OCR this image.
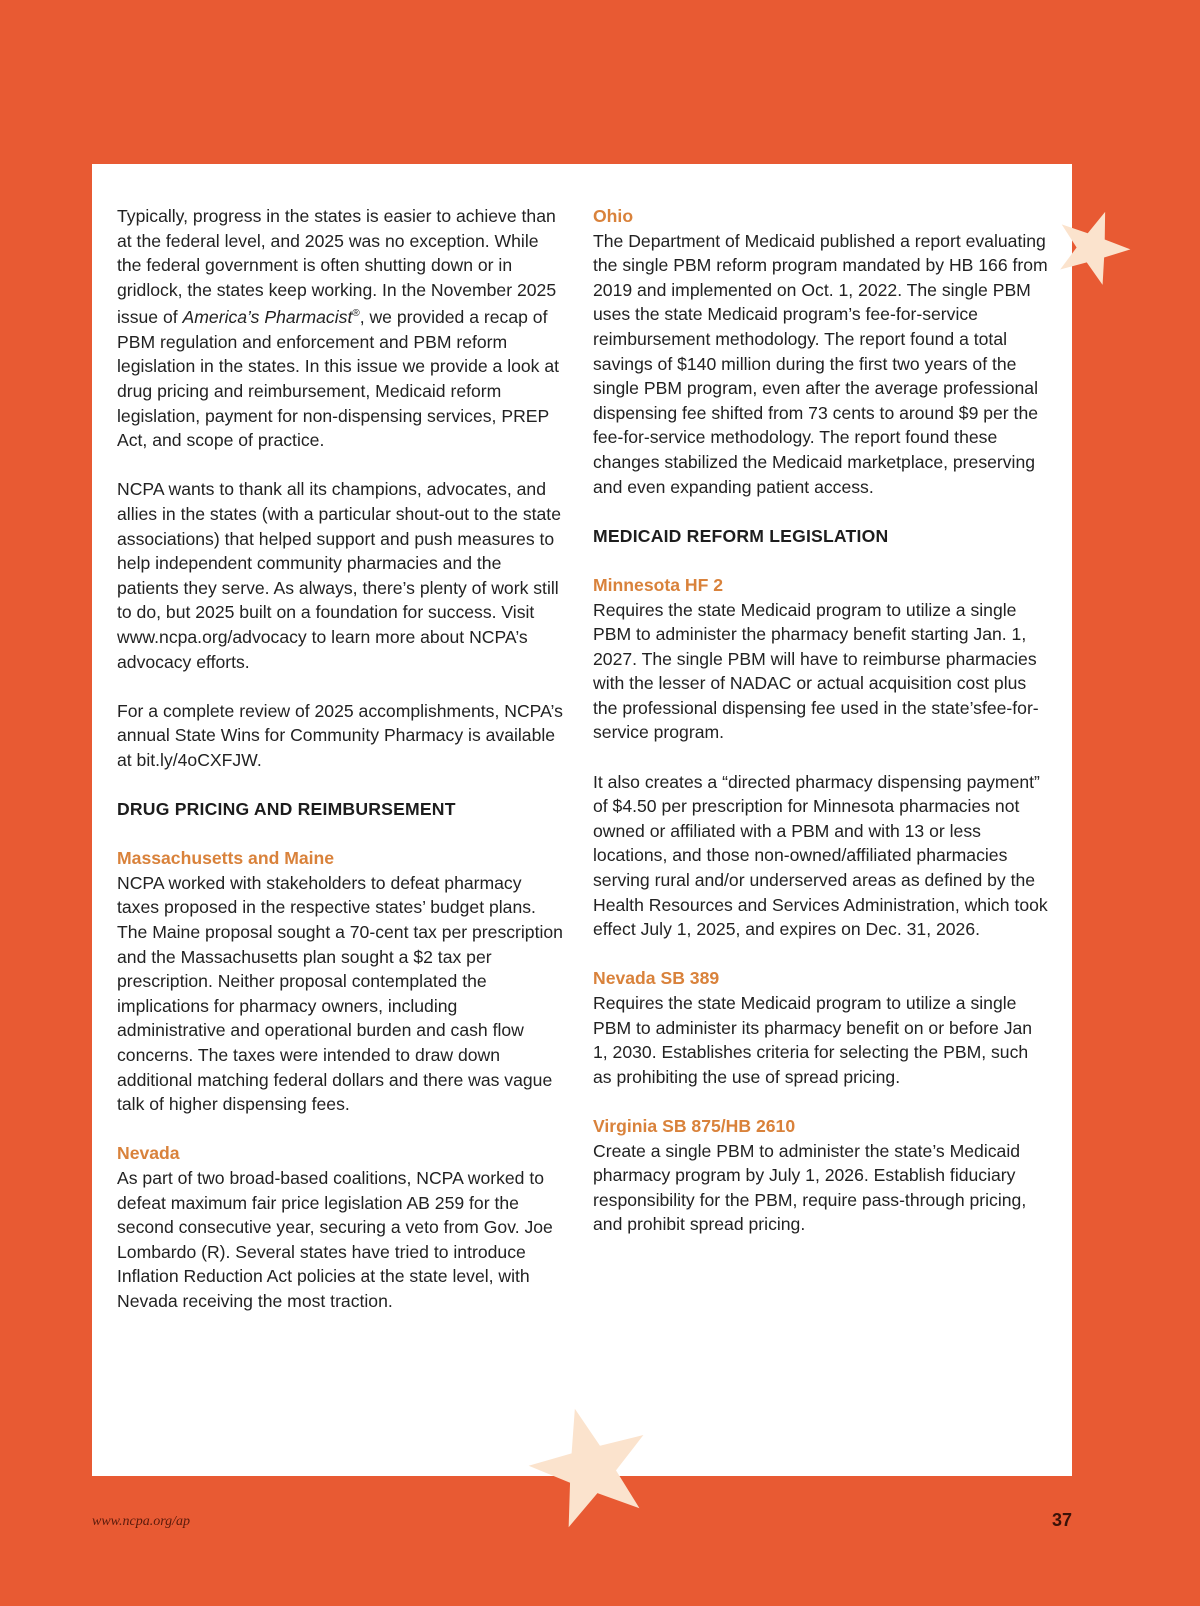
Typically, progress in the states is easier to achieve than at the federal level, and 2025 was no exception. While the federal government is often shutting down or in gridlock, the states keep working. In the November 2025 issue of America’s Pharmacist®, we provided a recap of PBM regulation and enforcement and PBM reform legislation in the states. In this issue we provide a look at drug pricing and reimbursement, Medicaid reform legislation, payment for non-dispensing services, PREP Act, and scope of practice.

NCPA wants to thank all its champions, advocates, and allies in the states (with a particular shout-out to the state associations) that helped support and push measures to help independent community pharmacies and the patients they serve. As always, there’s plenty of work still to do, but 2025 built on a foundation for success. Visit www.ncpa.org/advocacy to learn more about NCPA’s advocacy efforts.

For a complete review of 2025 accomplishments, NCPA’s annual State Wins for Community Pharmacy is available at bit.ly/4oCXFJW.

DRUG PRICING AND REIMBURSEMENT

Massachusetts and Maine
NCPA worked with stakeholders to defeat pharmacy taxes proposed in the respective states’ budget plans. The Maine proposal sought a 70-cent tax per prescription and the Massachusetts plan sought a $2 tax per prescription. Neither proposal contemplated the implications for pharmacy owners, including administrative and operational burden and cash flow concerns. The taxes were intended to draw down additional matching federal dollars and there was vague talk of higher dispensing fees.

Nevada
As part of two broad-based coalitions, NCPA worked to defeat maximum fair price legislation AB 259 for the second consecutive year, securing a veto from Gov. Joe Lombardo (R). Several states have tried to introduce Inflation Reduction Act policies at the state level, with Nevada receiving the most traction.

Ohio
The Department of Medicaid published a report evaluating the single PBM reform program mandated by HB 166 from 2019 and implemented on Oct. 1, 2022. The single PBM uses the state Medicaid program’s fee-for-service reimbursement methodology. The report found a total savings of $140 million during the first two years of the single PBM program, even after the average professional dispensing fee shifted from 73 cents to around $9 per the fee-for-service methodology. The report found these changes stabilized the Medicaid marketplace, preserving and even expanding patient access.

MEDICAID REFORM LEGISLATION

Minnesota HF 2
Requires the state Medicaid program to utilize a single PBM to administer the pharmacy benefit starting Jan. 1, 2027. The single PBM will have to reimburse pharmacies with the lesser of NADAC or actual acquisition cost plus the professional dispensing fee used in the state’sfee-for-service program.

It also creates a “directed pharmacy dispensing payment” of $4.50 per prescription for Minnesota pharmacies not owned or affiliated with a PBM and with 13 or less locations, and those non-owned/affiliated pharmacies serving rural and/or underserved areas as defined by the Health Resources and Services Administration, which took effect July 1, 2025, and expires on Dec. 31, 2026.

Nevada SB 389
Requires the state Medicaid program to utilize a single PBM to administer its pharmacy benefit on or before Jan 1, 2030. Establishes criteria for selecting the PBM, such as prohibiting the use of spread pricing.

Virginia SB 875/HB 2610
Create a single PBM to administer the state’s Medicaid pharmacy program by July 1, 2026. Establish fiduciary responsibility for the PBM, require pass-through pricing, and prohibit spread pricing.

www.ncpa.org/ap	37
